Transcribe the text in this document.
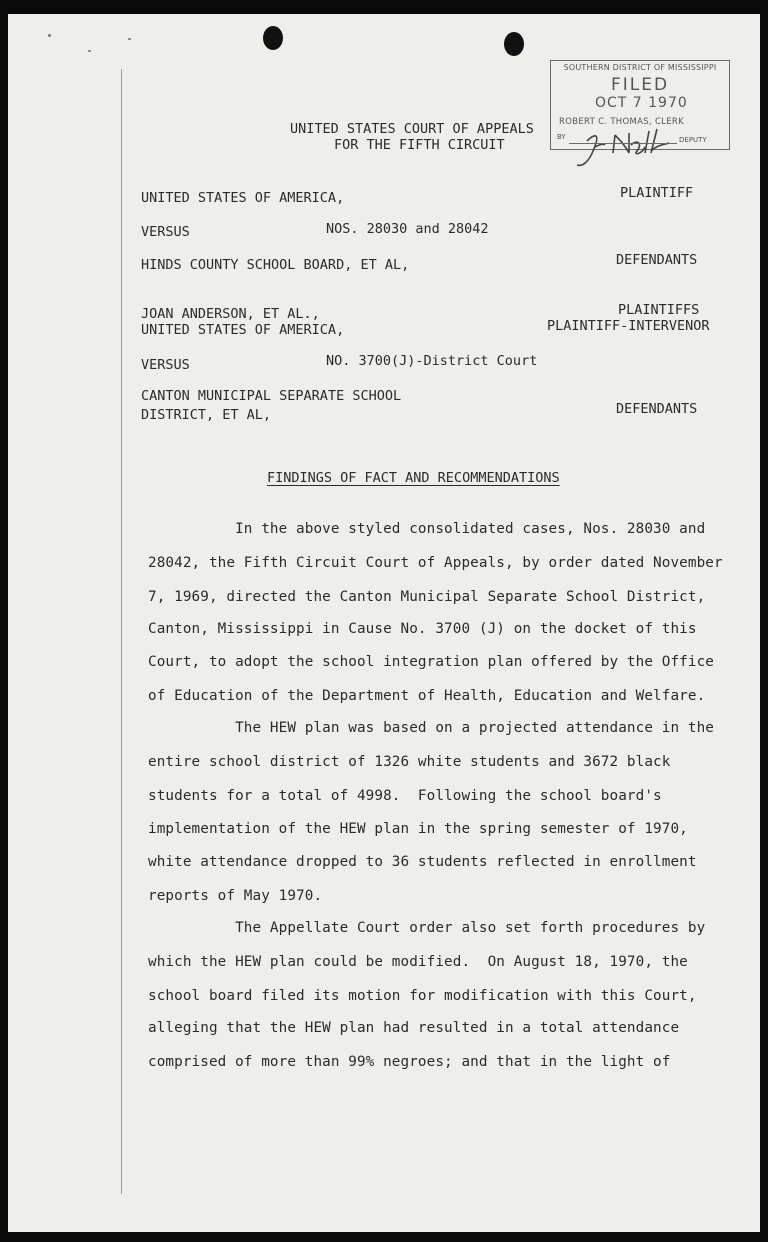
SOUTHERN DISTRICT OF MISSISSIPPI
FILED
OCT 7 1970
ROBERT C. THOMAS, CLERK
BY	DEPUTY
UNITED STATES COURT OF APPEALS
FOR THE FIFTH CIRCUIT
UNITED STATES OF AMERICA,	PLAINTIFF
VERSUS	NOS. 28030 and 28042
HINDS COUNTY SCHOOL BOARD, ET AL,	DEFENDANTS
JOAN ANDERSON, ET AL.,	PLAINTIFFS
UNITED STATES OF AMERICA,	PLAINTIFF-INTERVENOR
VERSUS	NO. 3700(J)-District Court
CANTON MUNICIPAL SEPARATE SCHOOL
DISTRICT, ET AL,	DEFENDANTS
FINDINGS OF FACT AND RECOMMENDATIONS
In the above styled consolidated cases, Nos. 28030 and
28042, the Fifth Circuit Court of Appeals, by order dated November
7, 1969, directed the Canton Municipal Separate School District,
Canton, Mississippi in Cause No. 3700 (J) on the docket of this
Court, to adopt the school integration plan offered by the Office
of Education of the Department of Health, Education and Welfare.
The HEW plan was based on a projected attendance in the
entire school district of 1326 white students and 3672 black
students for a total of 4998.  Following the school board's
implementation of the HEW plan in the spring semester of 1970,
white attendance dropped to 36 students reflected in enrollment
reports of May 1970.
The Appellate Court order also set forth procedures by
which the HEW plan could be modified.  On August 18, 1970, the
school board filed its motion for modification with this Court,
alleging that the HEW plan had resulted in a total attendance
comprised of more than 99% negroes; and that in the light of
